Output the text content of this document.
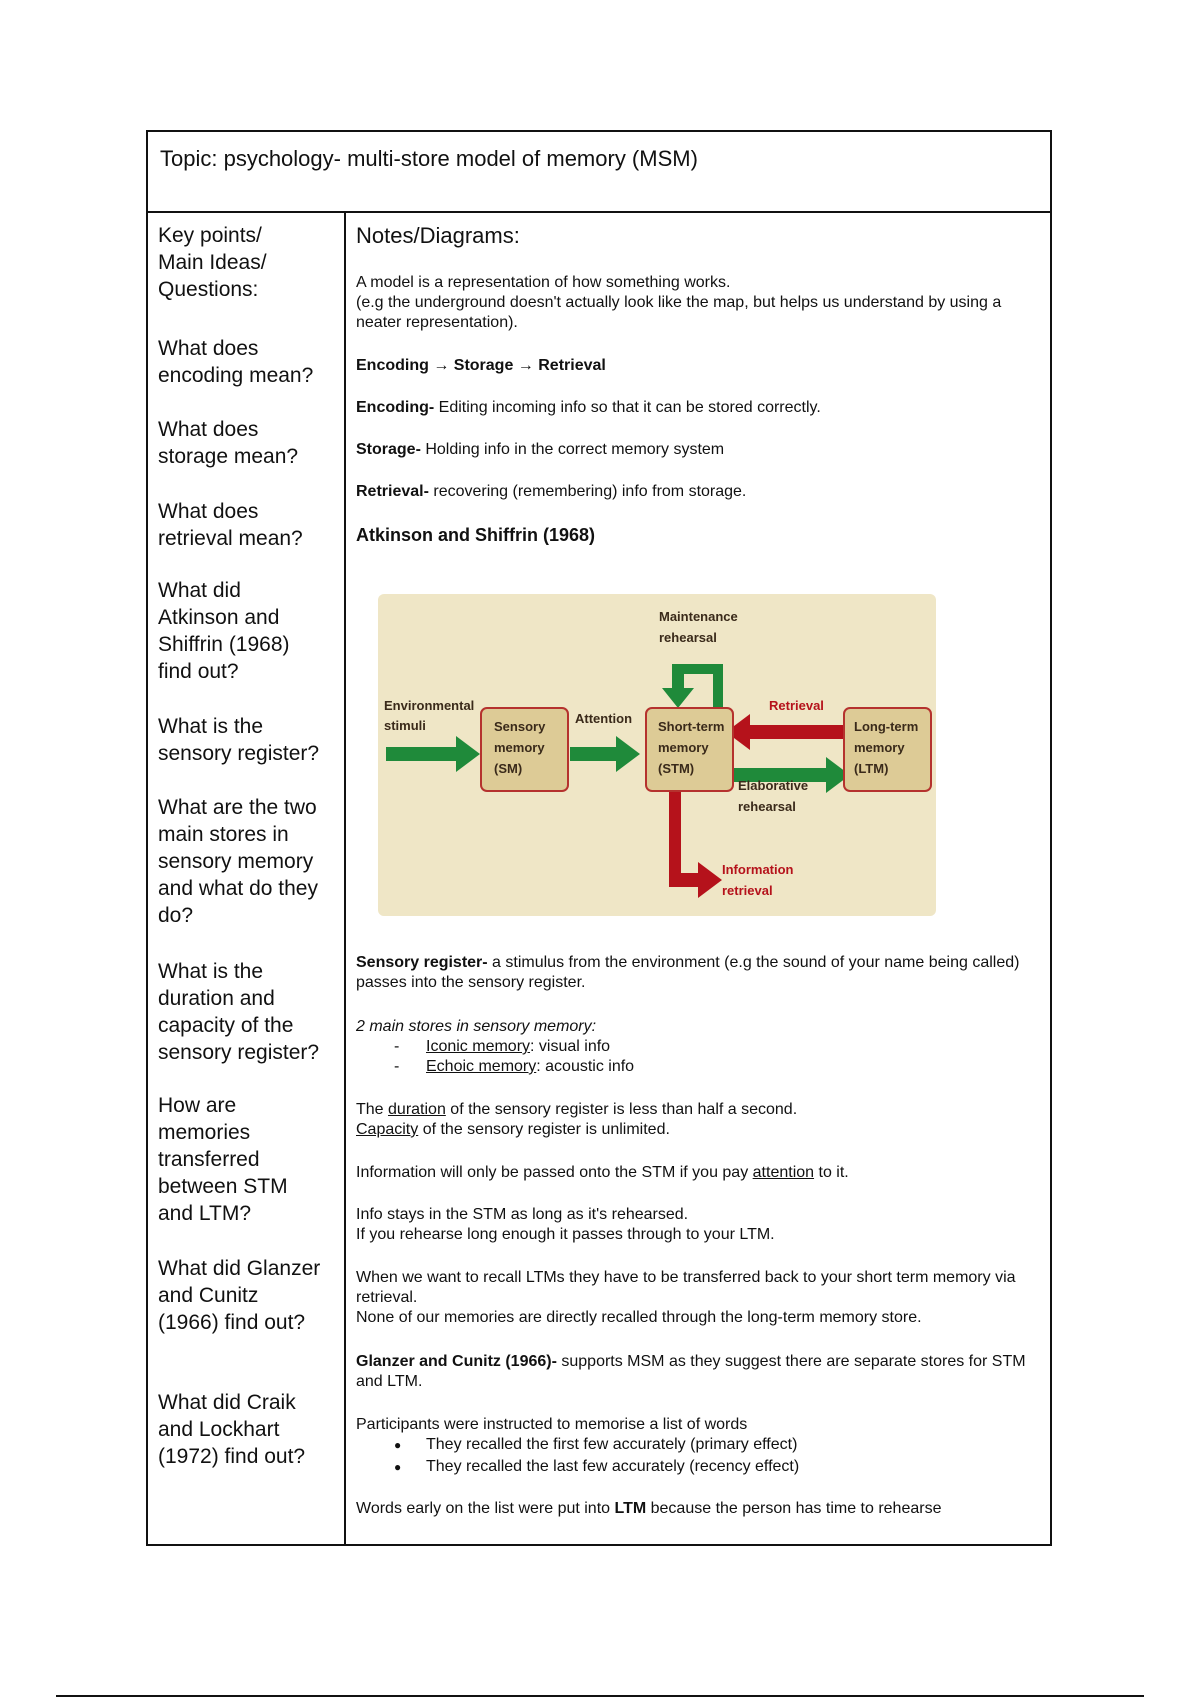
Topic: psychology- multi-store model of memory (MSM)
Key points/
Main Ideas/
Questions:
What does
encoding mean?
What does
storage mean?
What does
retrieval mean?
What did
Atkinson and
Shiffrin (1968)
find out?
What is the
sensory register?
What are the two
main stores in
sensory memory
and what do they
do?
What is the
duration and
capacity of the
sensory register?
How are
memories
transferred
between STM
and LTM?
What did Glanzer
and Cunitz
(1966) find out?
What did Craik
and Lockhart
(1972) find out?
Notes/Diagrams:
A model is a representation of how something works.
(e.g the underground doesn't actually look like the map, but helps us understand by using a neater representation).
Encoding → Storage → Retrieval
Encoding- Editing incoming info so that it can be stored correctly.
Storage- Holding info in the correct memory system
Retrieval- recovering (remembering) info from storage.
Atkinson and Shiffrin (1968)
Sensory register- a stimulus from the environment (e.g the sound of your name being called) passes into the sensory register.
2 main stores in sensory memory:
- Iconic memory: visual info
- Echoic memory: acoustic info
The duration of the sensory register is less than half a second.
Capacity of the sensory register is unlimited.
Information will only be passed onto the STM if you pay attention to it.
Info stays in the STM as long as it's rehearsed.
If you rehearse long enough it passes through to your LTM.
When we want to recall LTMs they have to be transferred back to your short term memory via retrieval.
None of our memories are directly recalled through the long-term memory store.
Glanzer and Cunitz (1966)- supports MSM as they suggest there are separate stores for STM and LTM.
Participants were instructed to memorise a list of words
● They recalled the first few accurately (primary effect)
● They recalled the last few accurately (recency effect)
Words early on the list were put into LTM because the person has time to rehearse
Environmental stimuli	Sensory memory (SM)
Attention
Short-term memory (STM)
Long-term memory (LTM)
Maintenance rehearsal
Retrieval
Elaborative rehearsal
Information retrieval
